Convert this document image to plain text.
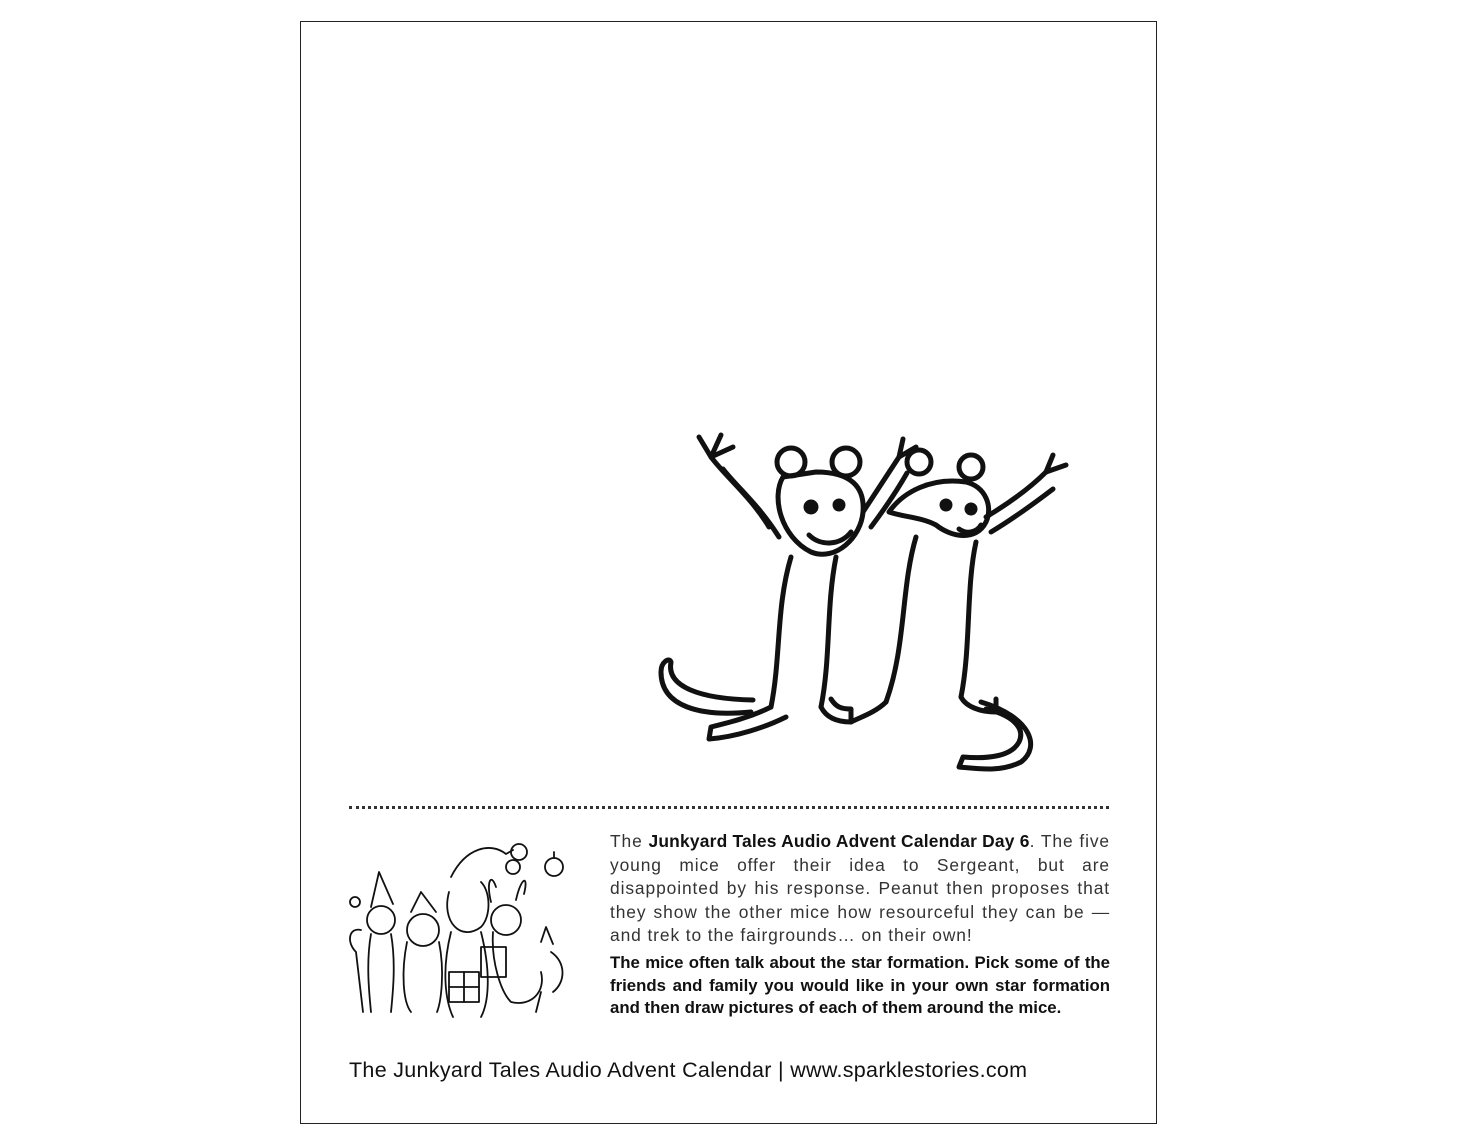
The Junkyard Tales Audio Advent Calendar Day 6. The five young mice offer their idea to Sergeant, but are disappointed by his response. Peanut then proposes that they show the other mice how resourceful they can be — and trek to the fairgrounds… on their own!
The mice often talk about the star formation. Pick some of the friends and family you would like in your own star formation and then draw pictures of each of them around the mice.
The Junkyard Tales Audio Advent Calendar | www.sparklestories.com
